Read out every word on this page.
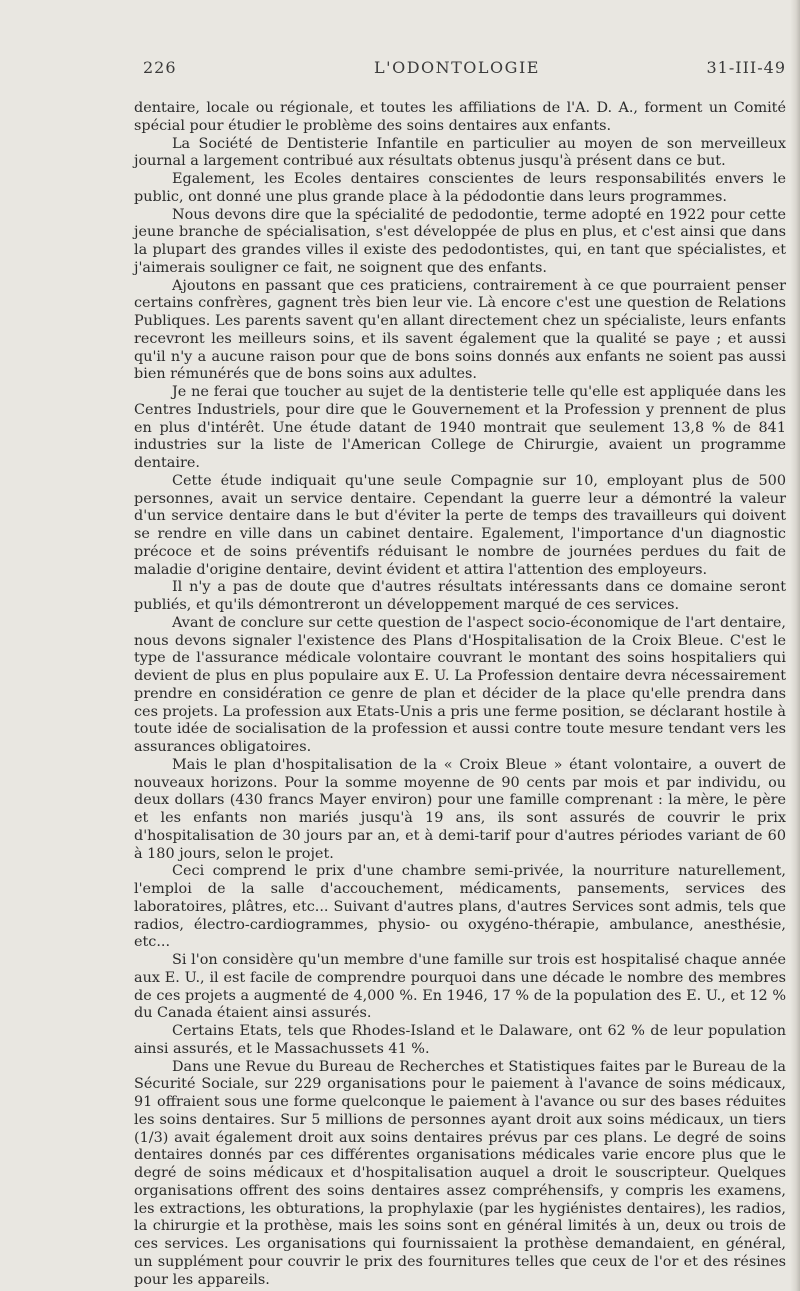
226	L'ODONTOLOGIE	31-III-49

dentaire, locale ou régionale, et toutes les affiliations de l'A. D. A., forment un Comité spécial pour étudier le problème des soins dentaires aux enfants.

La Société de Dentisterie Infantile en particulier au moyen de son merveilleux journal a largement contribué aux résultats obtenus jusqu'à présent dans ce but.

Egalement, les Ecoles dentaires conscientes de leurs responsabilités envers le public, ont donné une plus grande place à la pédodontie dans leurs programmes.

Nous devons dire que la spécialité de pedodontie, terme adopté en 1922 pour cette jeune branche de spécialisation, s'est développée de plus en plus, et c'est ainsi que dans la plupart des grandes villes il existe des pedodontistes, qui, en tant que spécialistes, et j'aimerais souligner ce fait, ne soignent que des enfants.

Ajoutons en passant que ces praticiens, contrairement à ce que pourraient penser certains confrères, gagnent très bien leur vie. Là encore c'est une question de Relations Publiques. Les parents savent qu'en allant directement chez un spécialiste, leurs enfants recevront les meilleurs soins, et ils savent également que la qualité se paye ; et aussi qu'il n'y a aucune raison pour que de bons soins donnés aux enfants ne soient pas aussi bien rémunérés que de bons soins aux adultes.

Je ne ferai que toucher au sujet de la dentisterie telle qu'elle est appliquée dans les Centres Industriels, pour dire que le Gouvernement et la Profession y prennent de plus en plus d'intérêt. Une étude datant de 1940 montrait que seulement 13,8 % de 841 industries sur la liste de l'American College de Chirurgie, avaient un programme dentaire.

Cette étude indiquait qu'une seule Compagnie sur 10, employant plus de 500 personnes, avait un service dentaire. Cependant la guerre leur a démontré la valeur d'un service dentaire dans le but d'éviter la perte de temps des travailleurs qui doivent se rendre en ville dans un cabinet dentaire. Egalement, l'importance d'un diagnostic précoce et de soins préventifs réduisant le nombre de journées perdues du fait de maladie d'origine dentaire, devint évident et attira l'attention des employeurs.

Il n'y a pas de doute que d'autres résultats intéressants dans ce domaine seront publiés, et qu'ils démontreront un développement marqué de ces services.

Avant de conclure sur cette question de l'aspect socio-économique de l'art dentaire, nous devons signaler l'existence des Plans d'Hospitalisation de la Croix Bleue. C'est le type de l'assurance médicale volontaire couvrant le montant des soins hospitaliers qui devient de plus en plus populaire aux E. U. La Profession dentaire devra nécessairement prendre en considération ce genre de plan et décider de la place qu'elle prendra dans ces projets. La profession aux Etats-Unis a pris une ferme position, se déclarant hostile à toute idée de socialisation de la profession et aussi contre toute mesure tendant vers les assurances obligatoires.

Mais le plan d'hospitalisation de la « Croix Bleue » étant volontaire, a ouvert de nouveaux horizons. Pour la somme moyenne de 90 cents par mois et par individu, ou deux dollars (430 francs Mayer environ) pour une famille comprenant : la mère, le père et les enfants non mariés jusqu'à 19 ans, ils sont assurés de couvrir le prix d'hospitalisation de 30 jours par an, et à demi-tarif pour d'autres périodes variant de 60 à 180 jours, selon le projet.

Ceci comprend le prix d'une chambre semi-privée, la nourriture naturellement, l'emploi de la salle d'accouchement, médicaments, pansements, services des laboratoires, plâtres, etc... Suivant d'autres plans, d'autres Services sont admis, tels que radios, électro-cardiogrammes, physio- ou oxygéno-thérapie, ambulance, anesthésie, etc...

Si l'on considère qu'un membre d'une famille sur trois est hospitalisé chaque année aux E. U., il est facile de comprendre pourquoi dans une décade le nombre des membres de ces projets a augmenté de 4,000 %. En 1946, 17 % de la population des E. U., et 12 % du Canada étaient ainsi assurés.

Certains Etats, tels que Rhodes-Island et le Dalaware, ont 62 % de leur population ainsi assurés, et le Massachussets 41 %.

Dans une Revue du Bureau de Recherches et Statistiques faites par le Bureau de la Sécurité Sociale, sur 229 organisations pour le paiement à l'avance de soins médicaux, 91 offraient sous une forme quelconque le paiement à l'avance ou sur des bases réduites les soins dentaires. Sur 5 millions de personnes ayant droit aux soins médicaux, un tiers (1/3) avait également droit aux soins dentaires prévus par ces plans. Le degré de soins dentaires donnés par ces différentes organisations médicales varie encore plus que le degré de soins médicaux et d'hospitalisation auquel a droit le souscripteur. Quelques organisations offrent des soins dentaires assez compréhensifs, y compris les examens, les extractions, les obturations, la prophylaxie (par les hygiénistes dentaires), les radios, la chirurgie et la prothèse, mais les soins sont en général limités à un, deux ou trois de ces services. Les organisations qui fournissaient la prothèse demandaient, en général, un supplément pour couvrir le prix des fournitures telles que ceux de l'or et des résines pour les appareils.
